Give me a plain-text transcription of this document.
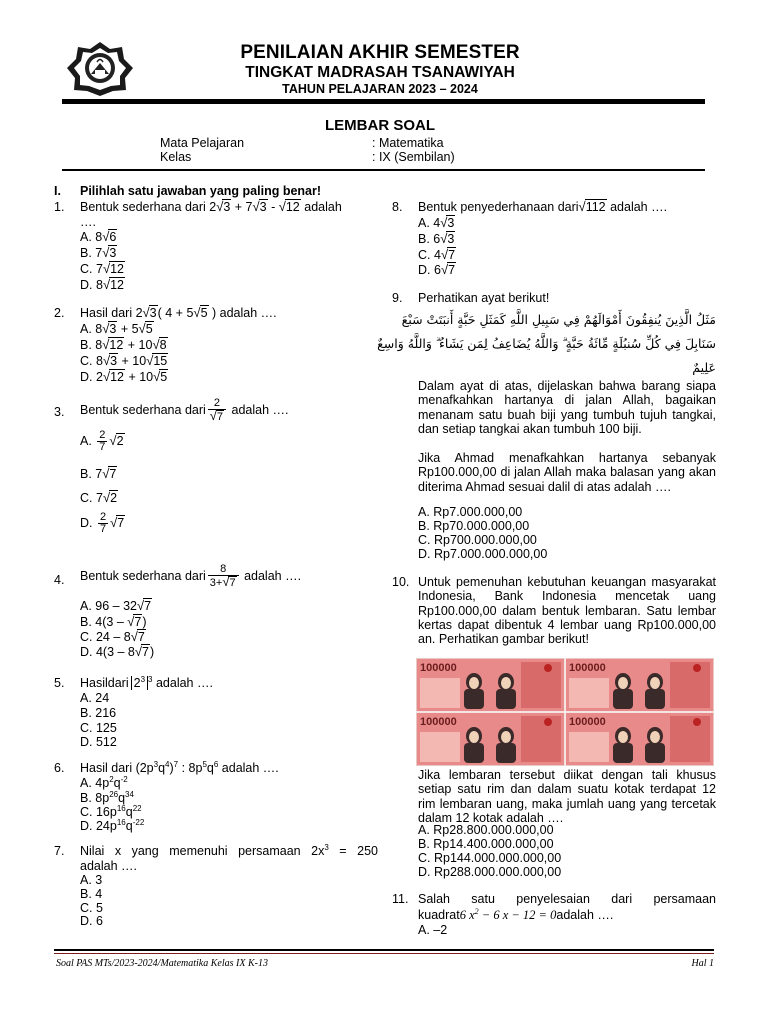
PENILAIAN AKHIR SEMESTER
TINGKAT MADRASAH TSANAWIYAH
TAHUN PELAJARAN 2023 – 2024
LEMBAR SOAL
Mata Pelajaran	: Matematika
Kelas	: IX (Sembilan)
I. Pilihlah satu jawaban yang paling benar!
1. Bentuk sederhana dari 2√3 + 7√3 - √12 adalah
….
A. 8√6
B. 7√3
C. 7√12
D. 8√12
2. Hasil dari 2√3( 4 + 5√5 ) adalah ….
A. 8√3 + 5√5
B. 8√12 + 10√8
C. 8√3 + 10√15
D. 2√12 + 10√5
3. Bentuk sederhana dari $\frac{2}{√7}$ adalah ….
A. $\frac{2}{7} √2$
B. 7√7
C. 7√2
D. $\frac{2}{7} √7$
4. Bentuk sederhana dari $\frac{8}{3+√7}$ adalah ….
A. 96 – 32√7
B. 4(3 – √7)
C. 24 – 8√7
D. 4(3 – 8√7)
5. Hasildari $2^3$ $^3$ adalah ….
A. 24
B. 216
C. 125
D. 512
6. Hasil dari $(2p^3q^4)^7$ : $8p^5q^6$ adalah ….
A. $4p^2q^{-2}$
B. $8p^{26}q^{34}$
C. $16p^{16}q^{22}$
D. $24p^{16}q^{-22}$
7. Nilai x yang memenuhi persamaan $2x^3 = 250$
adalah ….
A. 3
B. 4
C. 5
D. 6
8. Bentuk penyederhanaan dari√112 adalah ….
A. 4√3
B. 6√3
C. 4√7
D. 6√7
9. Perhatikan ayat berikut!
مَثَلُ الَّذِينَ يُنفِقُونَ أَمْوَالَهُمْ فِي سَبِيلِ اللَّهِ كَمَثَلِ حَبَّةٍ أَنبَتَتْ سَبْعَ
سَنَابِلَ فِي كُلِّ سُنبُلَةٍ مِّائَةُ حَبَّةٍ ۗ وَاللَّهُ يُضَاعِفُ لِمَن يَشَاءُ ۗ وَاللَّهُ وَاسِعٌ
عَلِيمٌ
Dalam ayat di atas, dijelaskan bahwa barang siapa menafkahkan hartanya di jalan Allah, bagaikan menanam satu buah biji yang tumbuh tujuh tangkai, dan setiap tangkai akan tumbuh 100 biji.
Jika Ahmad menafkahkan hartanya sebanyak Rp100.000,00 di jalan Allah maka balasan yang akan diterima Ahmad sesuai dalil di atas adalah ….
A. Rp7.000.000,00
B. Rp70.000.000,00
C. Rp700.000.000,00
D. Rp7.000.000.000,00
10. Untuk pemenuhan kebutuhan keuangan masyarakat Indonesia, Bank Indonesia mencetak uang Rp100.000,00 dalam bentuk lembaran. Satu lembar kertas dapat dibentuk 4 lembar uang Rp100.000,00 an. Perhatikan gambar berikut!
100000	100000
100000	100000
Jika lembaran tersebut diikat dengan tali khusus setiap satu rim dan dalam suatu kotak terdapat 12 rim lembaran uang, maka jumlah uang yang tercetak dalam 12 kotak adalah ….
A. Rp28.800.000.000,00
B. Rp14.400.000.000,00
C. Rp144.000.000.000,00
D. Rp288.000.000.000,00
11. Salah satu penyelesaian dari persamaan
kuadrat6 $x^2 - 6$ x − 12 = 0adalah ….
A. –2
Soal PAS MTs/2023-2024/Matematika Kelas IX K-13	Hal 1
